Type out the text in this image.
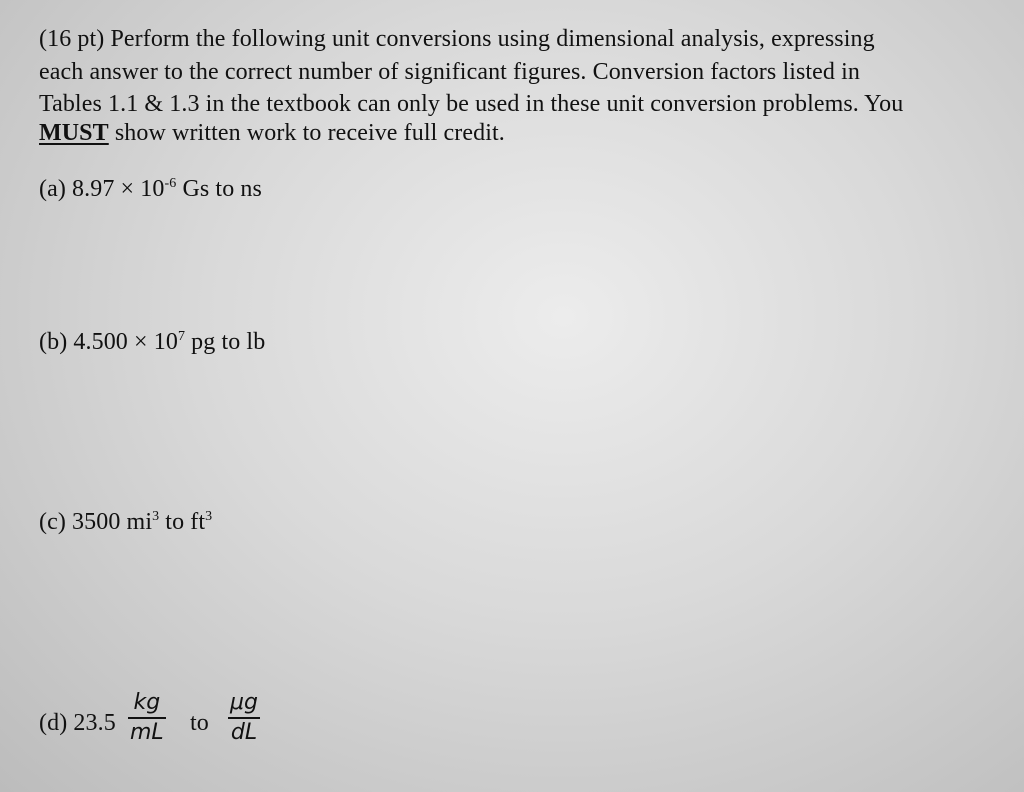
(16 pt) Perform the following unit conversions using dimensional analysis, expressing
each answer to the correct number of significant figures. Conversion factors listed in
Tables 1.1 & 1.3 in the textbook can only be used in these unit conversion problems. You
MUST show written work to receive full credit.
(a) $8.97 \times 10^{-6}$ Gs to ns
(b) $4.500 \times 10^7$ pg to lb
(c) 3500 $mi^3$ to $ft^3$
(d) 23.5
kg
mL to
μg
dL
